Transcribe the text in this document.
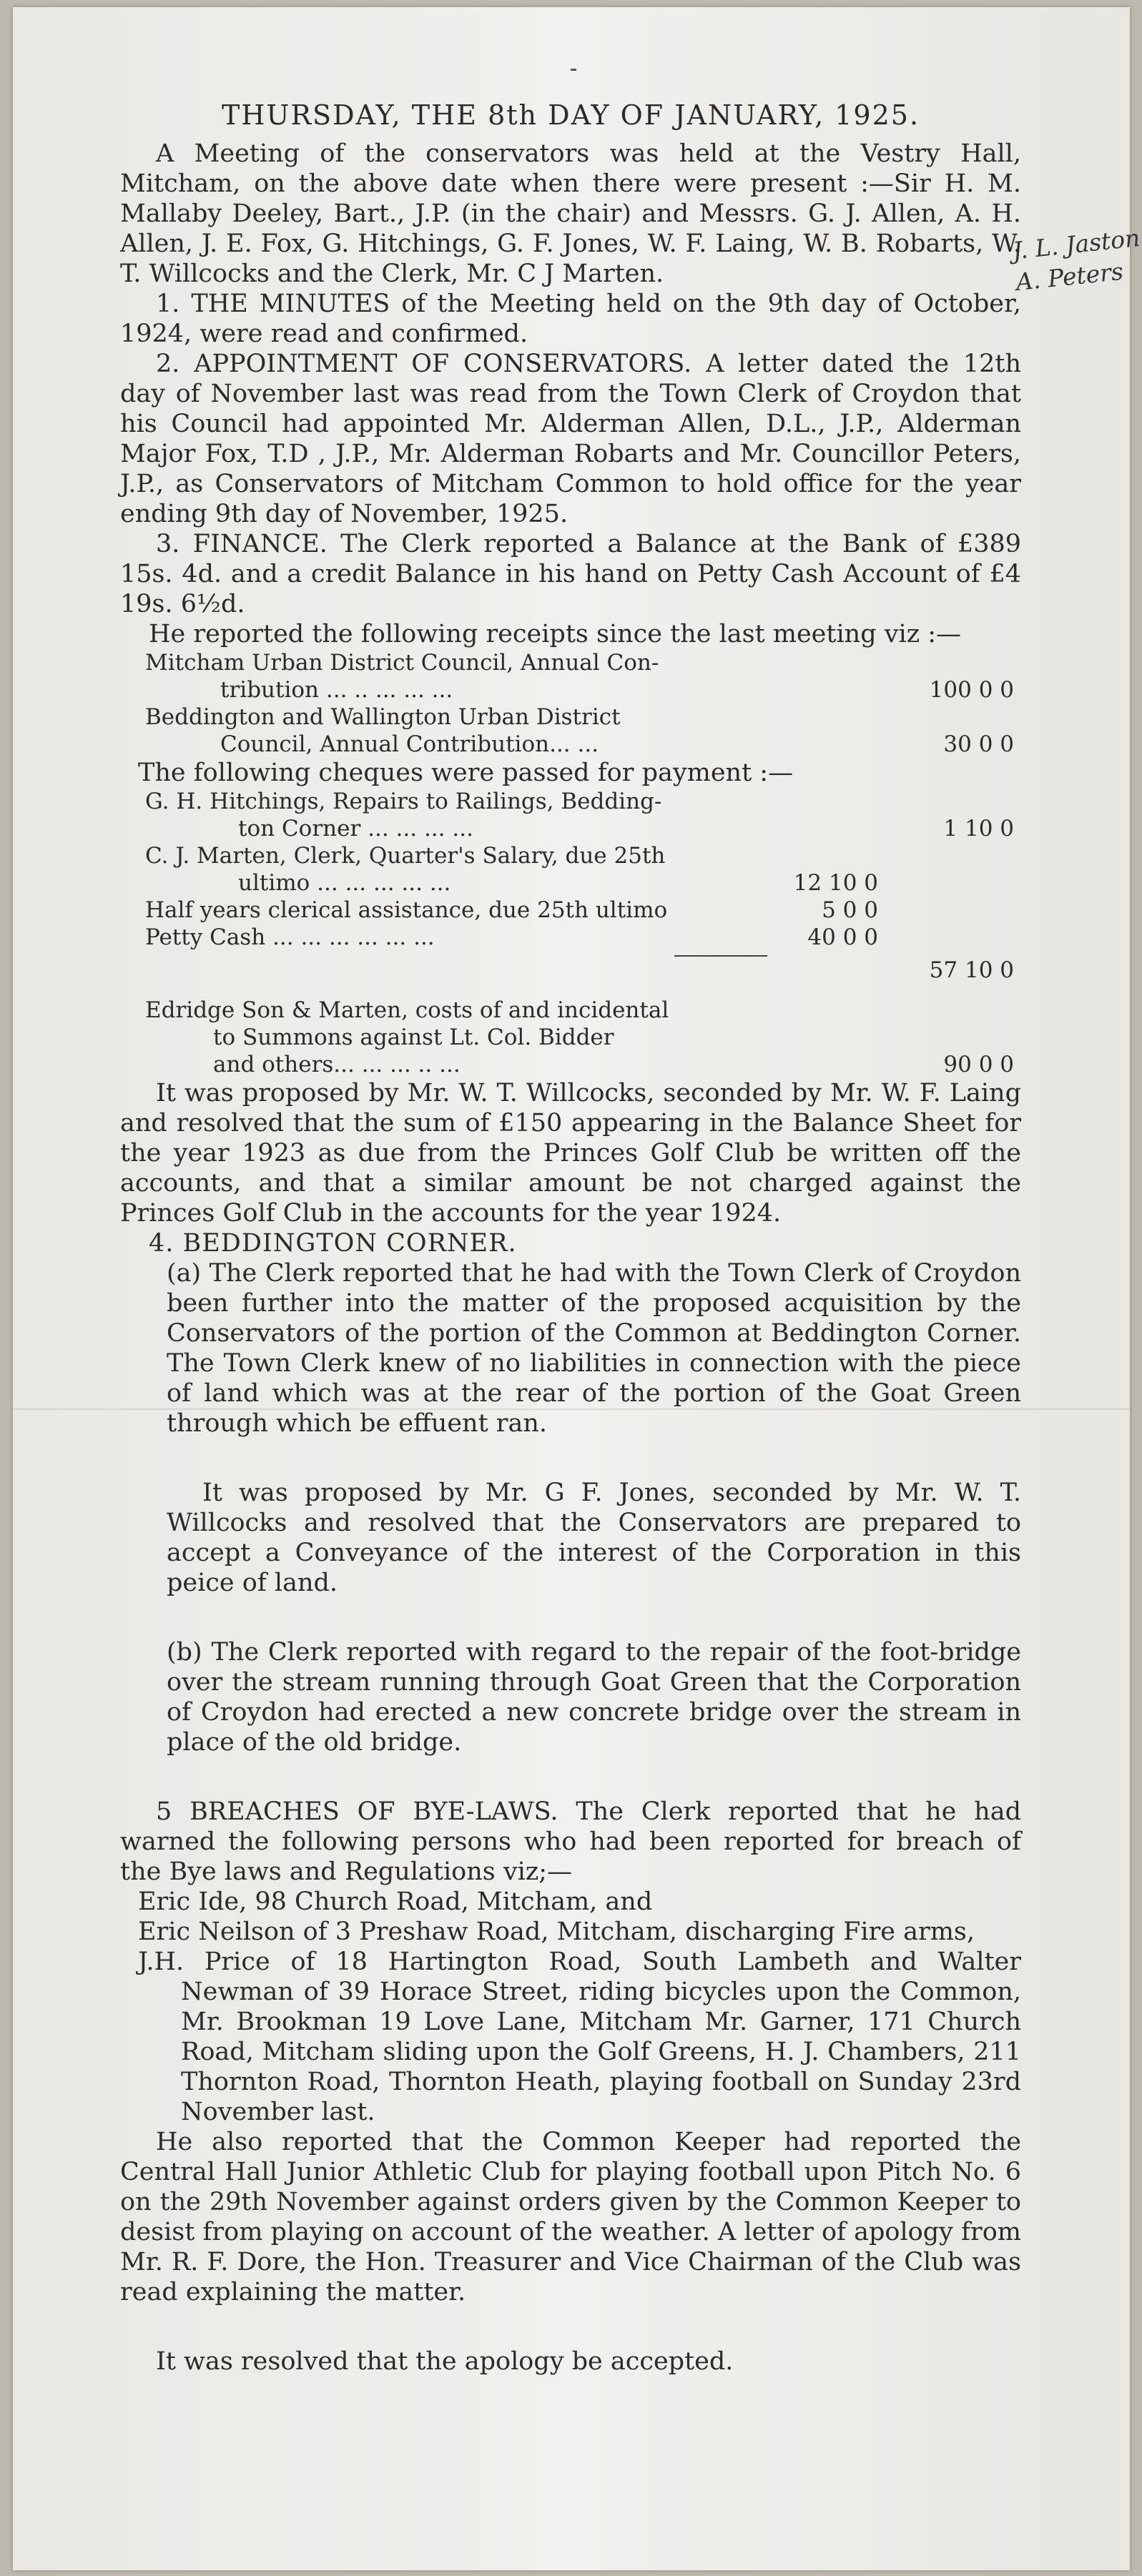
J. L. Jaston
A. Peters
THURSDAY, THE 8th DAY OF JANUARY, 1925.

A Meeting of the conservators was held at the Vestry Hall, Mitcham, on the above date when there were present :—Sir H. M. Mallaby Deeley, Bart., J.P. (in the chair) and Messrs. G. J. Allen, A. H. Allen, J. E. Fox, G. Hitchings, G. F. Jones, W. F. Laing, W. B. Robarts, W. T. Willcocks and the Clerk, Mr. C J Marten.

1. THE MINUTES of the Meeting held on the 9th day of October, 1924, were read and confirmed.

2. APPOINTMENT OF CONSERVATORS. A letter dated the 12th day of November last was read from the Town Clerk of Croydon that his Council had appointed Mr. Alderman Allen, D.L., J.P., Alderman Major Fox, T.D , J.P., Mr. Alderman Robarts and Mr. Councillor Peters, J.P., as Conservators of Mitcham Common to hold office for the year ending 9th day of November, 1925.

3. FINANCE. The Clerk reported a Balance at the Bank of £389 15s. 4d. and a credit Balance in his hand on Petty Cash Account of £4 19s. 6½d.

He reported the following receipts since the last meeting viz :—

Mitcham Urban District Council, Annual Con-
tribution ... .. ... ... ...	100 0 0
Beddington and Wallington Urban District
Council, Annual Contribution... ...	30 0 0

The following cheques were passed for payment :—

G. H. Hitchings, Repairs to Railings, Bedding-
ton Corner ... ... ... ...	1 10 0
C. J. Marten, Clerk, Quarter's Salary, due 25th
ultimo ... ... ... ... ...	12 10 0
Half years clerical assistance, due 25th ultimo	5 0 0
Petty Cash ... ... ... ... ... ...	40 0 0
57 10 0
Edridge Son & Marten, costs of and incidental
to Summons against Lt. Col. Bidder
and others... ... ... .. ...	90 0 0

It was proposed by Mr. W. T. Willcocks, seconded by Mr. W. F. Laing and resolved that the sum of £150 appearing in the Balance Sheet for the year 1923 as due from the Princes Golf Club be written off the accounts, and that a similar amount be not charged against the Princes Golf Club in the accounts for the year 1924.

4. BEDDINGTON CORNER.

(a) The Clerk reported that he had with the Town Clerk of Croydon been further into the matter of the proposed acquisition by the Conservators of the portion of the Common at Beddington Corner. The Town Clerk knew of no liabilities in connection with the piece of land which was at the rear of the portion of the Goat Green through which be effuent ran.

It was proposed by Mr. G F. Jones, seconded by Mr. W. T. Willcocks and resolved that the Conservators are prepared to accept a Conveyance of the interest of the Corporation in this peice of land.

(b) The Clerk reported with regard to the repair of the foot-bridge over the stream running through Goat Green that the Corporation of Croydon had erected a new concrete bridge over the stream in place of the old bridge.

5 BREACHES OF BYE-LAWS. The Clerk reported that he had warned the following persons who had been reported for breach of the Bye laws and Regulations viz;—

Eric Ide, 98 Church Road, Mitcham, and

Eric Neilson of 3 Preshaw Road, Mitcham, discharging Fire arms,

J.H. Price of 18 Hartington Road, South Lambeth and Walter Newman of 39 Horace Street, riding bicycles upon the Common, Mr. Brookman 19 Love Lane, Mitcham Mr. Garner, 171 Church Road, Mitcham sliding upon the Golf Greens, H. J. Chambers, 211 Thornton Road, Thornton Heath, playing football on Sunday 23rd November last.

He also reported that the Common Keeper had reported the Central Hall Junior Athletic Club for playing football upon Pitch No. 6 on the 29th November against orders given by the Common Keeper to desist from playing on account of the weather. A letter of apology from Mr. R. F. Dore, the Hon. Treasurer and Vice Chairman of the Club was read explaining the matter.

It was resolved that the apology be accepted.
